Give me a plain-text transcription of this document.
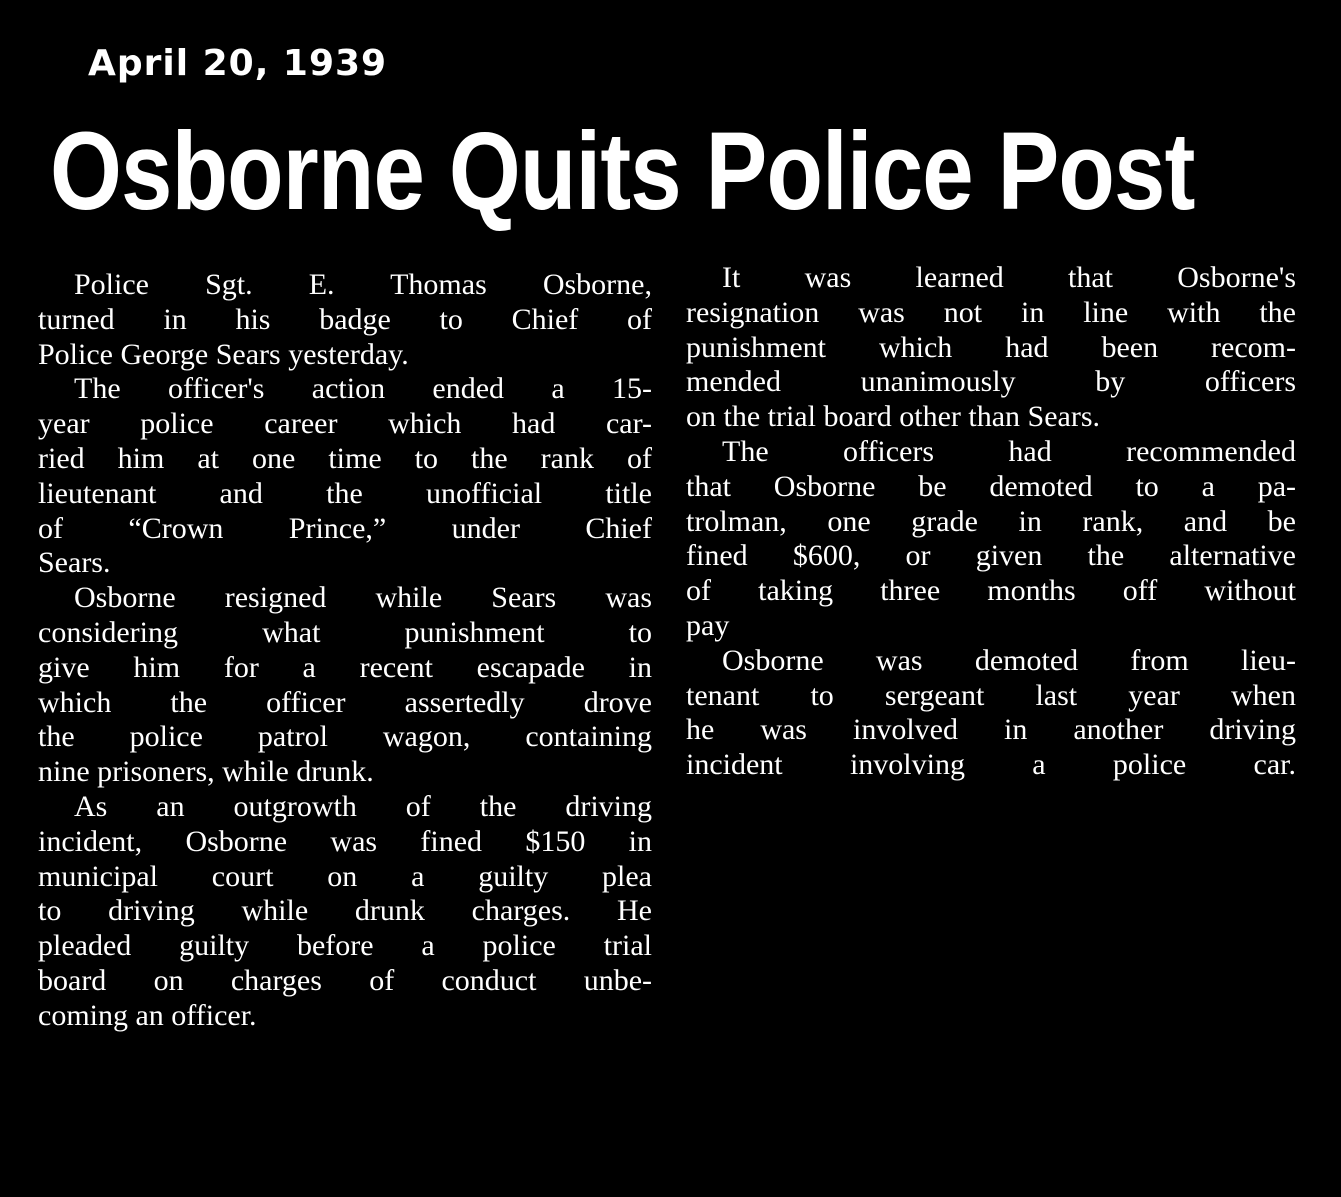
April 20, 1939
Osborne Quits Police Post
Police Sgt. E. Thomas Osborne,
turned in his badge to Chief of
Police George Sears yesterday.
The officer's action ended a 15-
year police career which had car-
ried him at one time to the rank of
lieutenant and the unofficial title
of “Crown Prince,” under Chief
Sears.
Osborne resigned while Sears was
considering what punishment to
give him for a recent escapade in
which the officer assertedly drove
the police patrol wagon, containing
nine prisoners, while drunk.
As an outgrowth of the driving
incident, Osborne was fined $150 in
municipal court on a guilty plea
to driving while drunk charges. He
pleaded guilty before a police trial
board on charges of conduct unbe-
coming an officer.
It was learned that Osborne's
resignation was not in line with the
punishment which had been recom-
mended unanimously by officers
on the trial board other than Sears.
The officers had recommended
that Osborne be demoted to a pa-
trolman, one grade in rank, and be
fined $600, or given the alternative
of taking three months off without
pay
Osborne was demoted from lieu-
tenant to sergeant last year when
he was involved in another driving
incident involving a police car.
